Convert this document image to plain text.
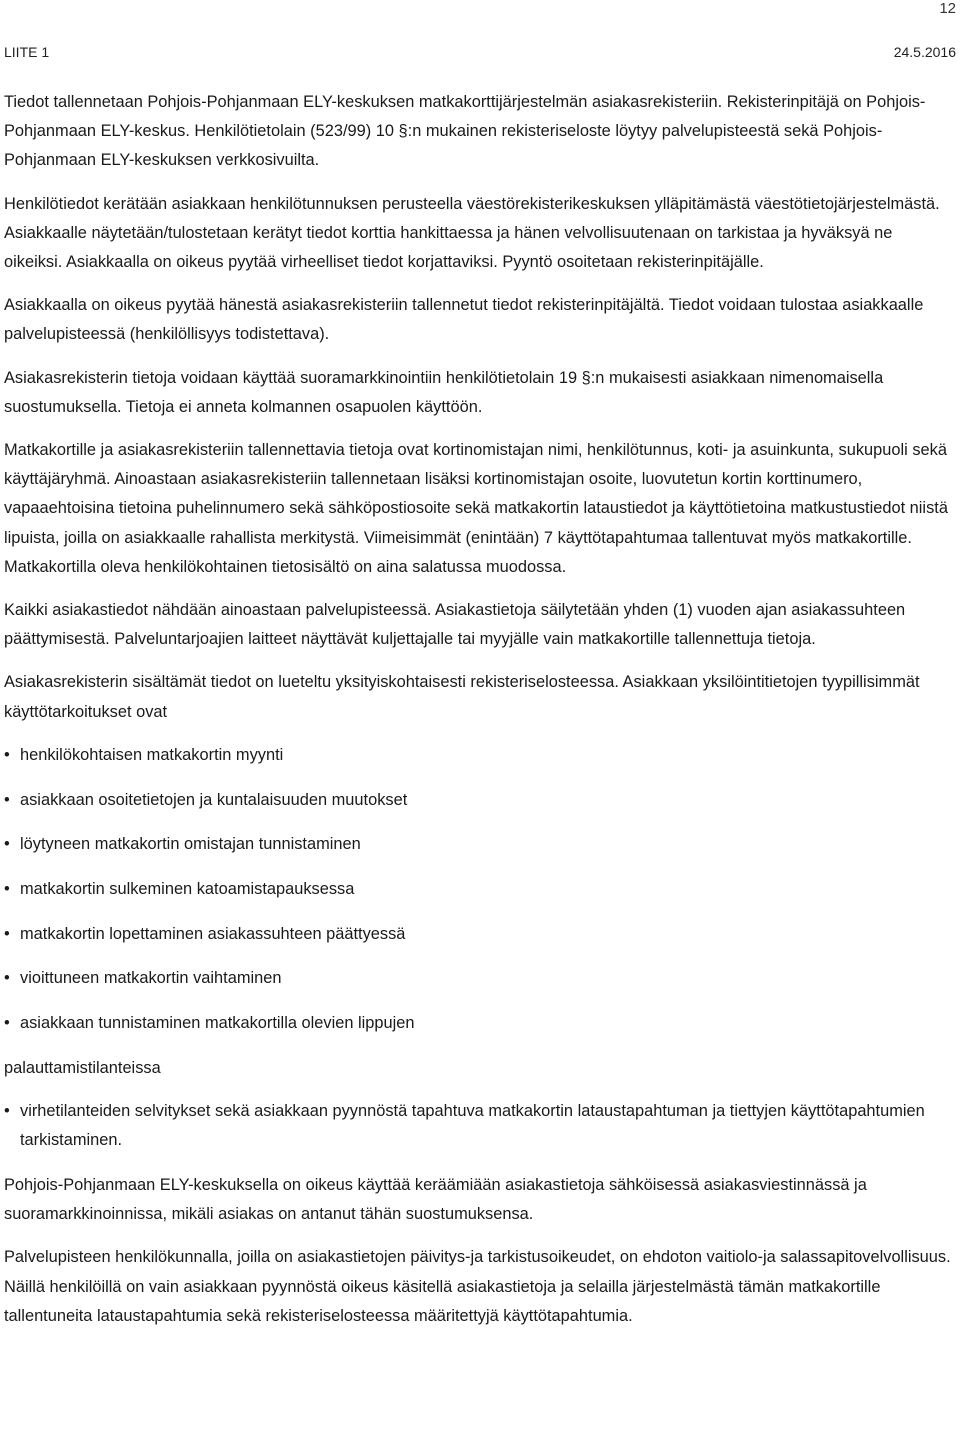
12
LIITE 1	24.5.2016

Tiedot tallennetaan Pohjois-Pohjanmaan ELY-keskuksen matkakorttijärjestelmän asiakasrekisteriin. Rekisterinpitäjä on Pohjois-Pohjanmaan ELY-keskus. Henkilötietolain (523/99) 10 §:n mukainen rekisteriseloste löytyy palvelupisteestä sekä Pohjois-Pohjanmaan ELY-keskuksen verkkosivuilta.

Henkilötiedot kerätään asiakkaan henkilötunnuksen perusteella väestörekisterikeskuksen ylläpitämästä väestötietojärjestelmästä. Asiakkaalle näytetään/tulostetaan kerätyt tiedot korttia hankittaessa ja hänen velvollisuutenaan on tarkistaa ja hyväksyä ne oikeiksi. Asiakkaalla on oikeus pyytää virheelliset tiedot korjattaviksi. Pyyntö osoitetaan rekisterinpitäjälle.

Asiakkaalla on oikeus pyytää hänestä asiakasrekisteriin tallennetut tiedot rekisterinpitäjältä. Tiedot voidaan tulostaa asiakkaalle palvelupisteessä (henkilöllisyys todistettava).

Asiakasrekisterin tietoja voidaan käyttää suoramarkkinointiin henkilötietolain 19 §:n mukaisesti asiakkaan nimenomaisella suostumuksella. Tietoja ei anneta kolmannen osapuolen käyttöön.

Matkakortille ja asiakasrekisteriin tallennettavia tietoja ovat kortinomistajan nimi, henkilötunnus, koti- ja asuinkunta, sukupuoli sekä käyttäjäryhmä. Ainoastaan asiakasrekisteriin tallennetaan lisäksi kortinomistajan osoite, luovutetun kortin korttinumero, vapaaehtoisina tietoina puhelinnumero sekä sähköpostiosoite sekä matkakortin lataustiedot ja käyttötietoina matkustustiedot niistä lipuista, joilla on asiakkaalle rahallista merkitystä. Viimeisimmät (enintään) 7 käyttötapahtumaa tallentuvat myös matkakortille. Matkakortilla oleva henkilökohtainen tietosisältö on aina salatussa muodossa.

Kaikki asiakastiedot nähdään ainoastaan palvelupisteessä. Asiakastietoja säilytetään yhden (1) vuoden ajan asiakassuhteen päättymisestä. Palveluntarjoajien laitteet näyttävät kuljettajalle tai myyjälle vain matkakortille tallennettuja tietoja.

Asiakasrekisterin sisältämät tiedot on lueteltu yksityiskohtaisesti rekisteriselosteessa. Asiakkaan yksilöintitietojen tyypillisimmät käyttötarkoitukset ovat

• henkilökohtaisen matkakortin myynti
• asiakkaan osoitetietojen ja kuntalaisuuden muutokset
• löytyneen matkakortin omistajan tunnistaminen
• matkakortin sulkeminen katoamistapauksessa
• matkakortin lopettaminen asiakassuhteen päättyessä
• vioittuneen matkakortin vaihtaminen
• asiakkaan tunnistaminen matkakortilla olevien lippujen

palauttamistilanteissa

• virhetilanteiden selvitykset sekä asiakkaan pyynnöstä tapahtuva matkakortin lataustapahtuman ja tiettyjen käyttötapahtumien tarkistaminen.

Pohjois-Pohjanmaan ELY-keskuksella on oikeus käyttää keräämiään asiakastietoja sähköisessä asiakasviestinnässä ja suoramarkkinoinnissa, mikäli asiakas on antanut tähän suostumuksensa.

Palvelupisteen henkilökunnalla, joilla on asiakastietojen päivitys-ja tarkistusoikeudet, on ehdoton vaitiolo-ja salassapitovelvollisuus. Näillä henkilöillä on vain asiakkaan pyynnöstä oikeus käsitellä asiakastietoja ja selailla järjestelmästä tämän matkakortille tallentuneita lataustapahtumia sekä rekisteriselosteessa määritettyjä käyttötapahtumia.
